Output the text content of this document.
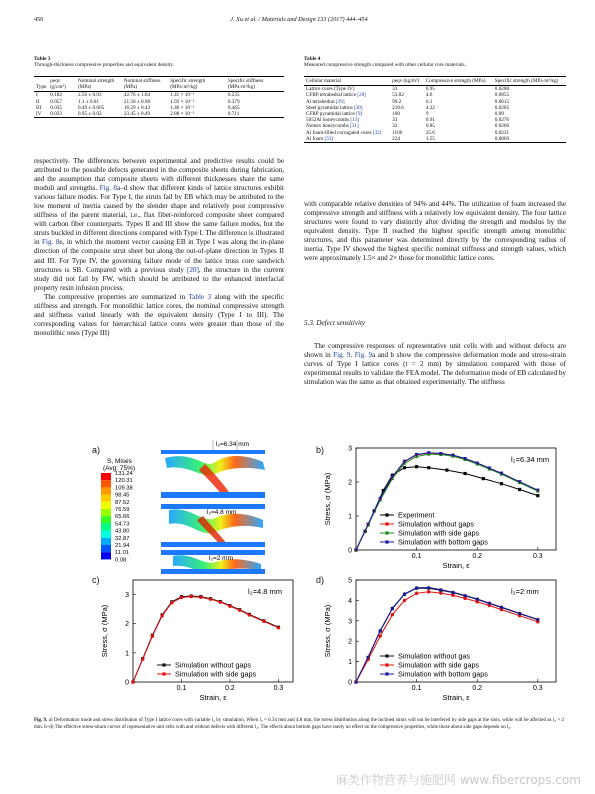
450	J. Xu et al. / Materials and Design 133 (2017) 444–454
Table 3
Through-thickness compressive properties and equivalent density.
Type	ρeqv (g/cm³)	Nominal strength (MPa)	Nominal stiffness (MPa)	Specific strength (MPa·m³/kg)	Specific stiffness (MPa·m³/kg)
I	0.182	2.56 ± 0.03	42.76 ± 1.64	1.41 × 10⁻²	0.235
II	0.057	1.1 ± 0.01	21.58 ± 0.98	1.93 × 10⁻²	0.379
III	0.035	0.49 ± 0.005	16.29 ± 0.43	1.40 × 10⁻²	0.465
IV	0.033	0.95 ± 0.02	23.45 ± 0.49	2.88 × 10⁻²	0.711
Table 4
Measured compressive strength compared with other cellular core materials.
Cellular material	ρeqv (kg/m³)	Compressive strength (MPa)	Specific strength (MPa·m³/kg)
Lattice cores (Type IV)	33	0.95	0.0288
CFRP tetrahedral lattice [28]	53.82	4.6	0.0855
Al tetrahedral [29]	99.2	6.1	0.0615
Steel pyramidal lattice [30]	210.6	4.32	0.0205
CFRP pyramidal lattice [9]	100	9	0.09
5052Al honeycombs [13]	33	0.91	0.0276
Nomex honeycombs [31]	32	0.85	0.0266
Al foam-filled corrugated cores [32]	1106	25.6	0.0231
Al foam [33]	224	1.55	0.0069

respectively. The differences between experimental and predictive results could be attributed to the possible defects generated in the composite sheets during fabrication, and the assumption that composite sheets with different thicknesses share the same moduli and strengths. Fig. 8a–d show that different kinds of lattice structures exhibit various failure modes. For Type I, the struts fail by EB which may be attributed to the low moment of inertia caused by the slender shape and relatively poor compressive stiffness of the parent material, i.e., flax fiber-reinforced composite sheet compared with carbon fiber counterparts. Types II and III show the same failure modes, but the struts buckled in different directions compared with Type I. The difference is illustrated in Fig. 8e, in which the moment vector causing EB in Type I was along the in-plane direction of the composite strut sheet but along the out-of-plane direction in Types II and III. For Type IV, the governing failure mode of the lattice truss core sandwich structures is SB. Compared with a previous study [20], the structure in the current study did not fail by FW, which should be attributed to the enhanced interfacial property resin infusion process.

The compressive properties are summarized in Table 3 along with the specific stiffness and strength. For monolithic lattice cores, the nominal compressive strength and stiffness varied linearly with the equivalent density (Type I to III). The corresponding values for hierarchical lattice cores were greater than those of the monolithic ones (Type III)

with comparable relative densities of 94% and 44%. The utilization of foam increased the compressive strength and stiffness with a relatively low equivalent density. The four lattice structures were found to vary distinctly after dividing the strength and modulus by the equivalent density. Type II reached the highest specific strength among monolithic structures, and this parameter was determined directly by the corresponding radius of inertia. Type IV showed the highest specific nominal stiffness and strength values, which were approximately 1.5× and 2× those for monolithic lattice cores.

5.3. Defect sensitivity

The compressive responses of representative unit cells with and without defects are shown in Fig. 9. Fig. 9a and b show the compressive deformation mode and stress-strain curves of Type I lattice cores (t = 2 mm) by simulation compared with those of experimental results to validate the FEA model. The deformation mode of EB calculated by simulation was the same as that obtained experimentally. The stiffness

a)	b)
c)	d)
S, Mises
(Avg: 75%)
131.24
120.31
109.38
98.45
87.52
76.59
65.66
54.73
43.80
32.87
21.94
11.01
0.08
l₂=6.34 mm
l₂=4.8 mm
l₂=2 mm	0.1	0.2	0.3
0
1
2
3
Strain, ε
Stress, σ (MPa)
l₂=6.34 mm
Experiment
Simulation without gaps
Simulation with side gaps
Simulation with bottom gaps
0.1	0.2	0.3
0
1
2
3
Strain, ε
Stress, σ (MPa)
l₂=4.8 mm
Simulation without gaps
Simulation with side gaps
0.1	0.2	0.3
0
1
2
3
4
5
Strain, ε
Stress, σ (MPa)
l₂=2 mm
Simulation without gas
Simulation with side gaps
Simulation with bottom gaps
Fig. 9. a) Deformation mode and stress distribution of Type I lattice cores with variable l₂ by simulation. When l₂ = 6.34 mm and 4.8 mm, the stress distribution along the inclined struts will not be interfered by side gaps at the slots, while will be affected as l₂ = 2 mm. b–d) The effective stress-strain curves of representative unit cells with and without defects with different l₂. The effects about bottom gaps have rarely no effect on the compressive properties, while those about side gaps depends on l₂.
麻类作物营养与施肥网 www.fibercrops.com
